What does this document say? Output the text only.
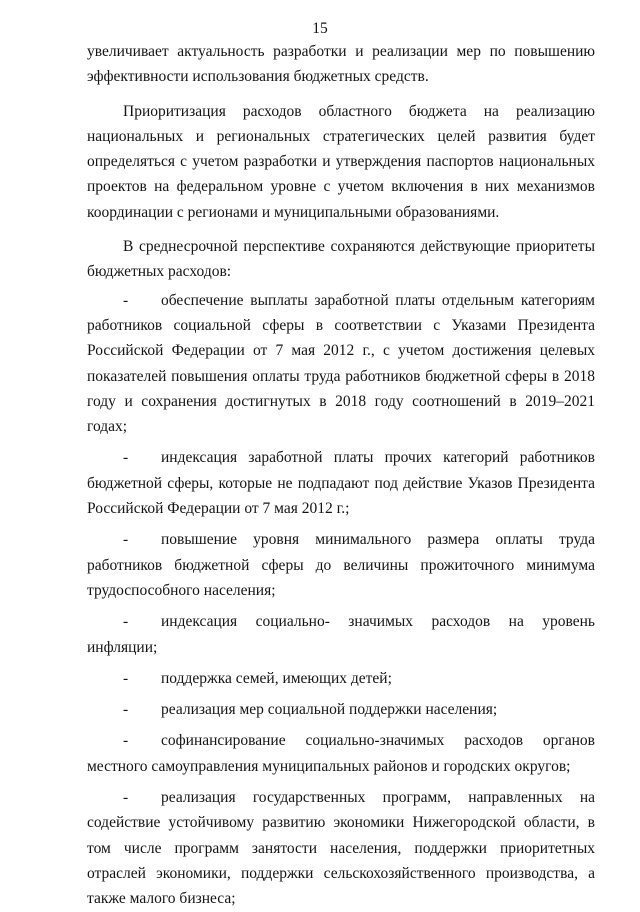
15

увеличивает актуальность разработки и реализации мер по повышению эффективности использования бюджетных средств.

Приоритизация расходов областного бюджета на реализацию национальных и региональных стратегических целей развития будет определяться с учетом разработки и утверждения паспортов национальных проектов на федеральном уровне с учетом включения в них механизмов координации с регионами и муниципальными образованиями.

В среднесрочной перспективе сохраняются действующие приоритеты бюджетных расходов:

- обеспечение выплаты заработной платы отдельным категориям работников социальной сферы в соответствии с Указами Президента Российской Федерации от 7 мая 2012 г., с учетом достижения целевых показателей повышения оплаты труда работников бюджетной сферы в 2018 году и сохранения достигнутых в 2018 году соотношений в 2019–2021 годах;

- индексация заработной платы прочих категорий работников бюджетной сферы, которые не подпадают под действие Указов Президента Российской Федерации от 7 мая 2012 г.;

- повышение уровня минимального размера оплаты труда работников бюджетной сферы до величины прожиточного минимума трудоспособного населения;

- индексация социально- значимых расходов на уровень инфляции;

- поддержка семей, имеющих детей;

- реализация мер социальной поддержки населения;

- софинансирование социально-значимых расходов органов местного самоуправления муниципальных районов и городских округов;

- реализация государственных программ, направленных на содействие устойчивому развитию экономики Нижегородской области, в том числе программ занятости населения, поддержки приоритетных отраслей экономики, поддержки сельскохозяйственного производства, а также малого бизнеса;
